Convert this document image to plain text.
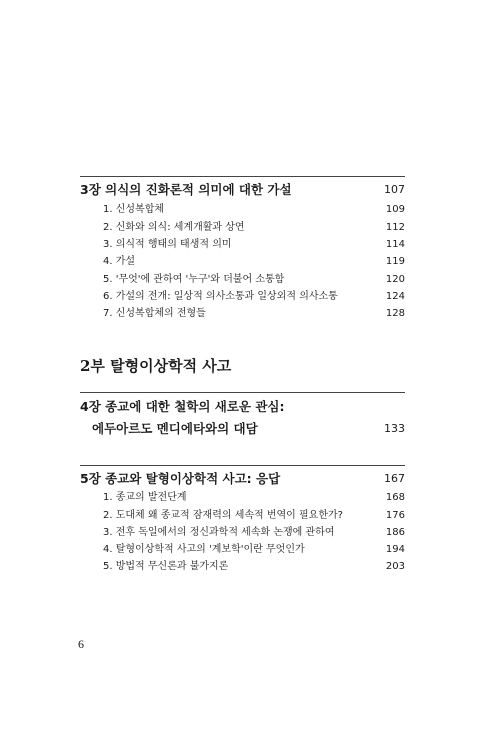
3장 의식의 진화론적 의미에 대한 가설	107
1. 신성복합체	109
2. 신화와 의식: 세계개활과 상연	112
3. 의식적 행태의 태생적 의미	114
4. 가설	119
5. '무엇'에 관하여 '누구'와 더불어 소통함	120
6. 가설의 전개: 일상적 의사소통과 일상외적 의사소통	124
7. 신성복합체의 전형들	128
2부 탈형이상학적 사고
4장 종교에 대한 철학의 새로운 관심:
에두아르도 멘디에타와의 대담	133
5장 종교와 탈형이상학적 사고: 응답	167
1. 종교의 발전단계	168
2. 도대체 왜 종교적 잠재력의 세속적 번역이 필요한가?	176
3. 전후 독일에서의 정신과학적 세속화 논쟁에 관하여	186
4. 탈형이상학적 사고의 '계보학'이란 무엇인가	194
5. 방법적 무신론과 불가지론	203
6
